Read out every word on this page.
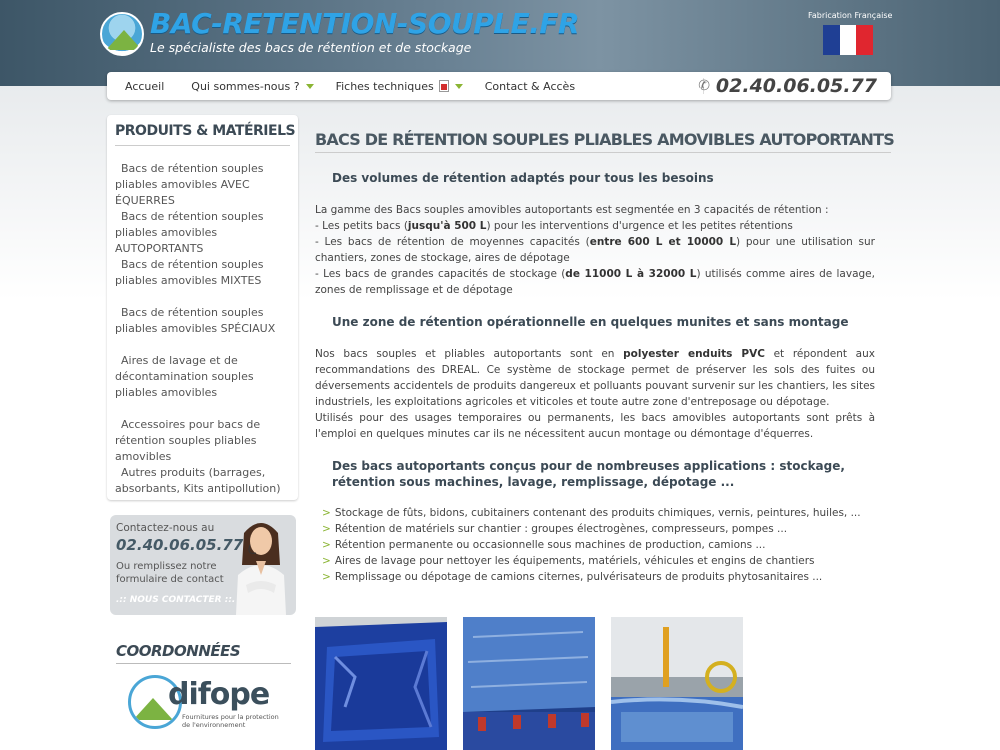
BAC-RETENTION-SOUPLE.FR
Le spécialiste des bacs de rétention et de stockage
Fabrication Française
Accueil Qui sommes-nous ?	Fiches techniques	Contact & Accès	✆ 02.40.06.05.77
PRODUITS & MATÉRIELS
Bacs de rétention souples pliables amovibles AVEC ÉQUERRES
Bacs de rétention souples pliables amovibles AUTOPORTANTS
Bacs de rétention souples pliables amovibles MIXTES
Bacs de rétention souples pliables amovibles SPÉCIAUX
Aires de lavage et de décontamination souples pliables amovibles
Accessoires pour bacs de rétention souples pliables amovibles
Autres produits (barrages, absorbants, Kits antipollution)
Contactez-nous au
02.40.06.05.77
Ou remplissez notre formulaire de contact
.:: NOUS CONTACTER ::.
COORDONNÉES
difope
Fournitures pour la protection de l'environnement
BACS DE RÉTENTION SOUPLES PLIABLES AMOVIBLES AUTOPORTANTS
Des volumes de rétention adaptés pour tous les besoins
La gamme des Bacs souples amovibles autoportants est segmentée en 3 capacités de rétention :
- Les petits bacs (jusqu'à 500 L) pour les interventions d'urgence et les petites rétentions
- Les bacs de rétention de moyennes capacités (entre 600 L et 10000 L) pour une utilisation sur chantiers, zones de stockage, aires de dépotage
- Les bacs de grandes capacités de stockage (de 11000 L à 32000 L) utilisés comme aires de lavage, zones de remplissage et de dépotage
Une zone de rétention opérationnelle en quelques munites et sans montage
Nos bacs souples et pliables autoportants sont en polyester enduits PVC et répondent aux recommandations des DREAL. Ce système de stockage permet de préserver les sols des fuites ou déversements accidentels de produits dangereux et polluants pouvant survenir sur les chantiers, les sites industriels, les exploitations agricoles et viticoles et toute autre zone d'entreposage ou dépotage.
Utilisés pour des usages temporaires ou permanents, les bacs amovibles autoportants sont prêts à l'emploi en quelques minutes car ils ne nécessitent aucun montage ou démontage d'équerres.
Des bacs autoportants conçus pour de nombreuses applications : stockage, rétention sous machines, lavage, remplissage, dépotage ...
> Stockage de fûts, bidons, cubitainers contenant des produits chimiques, vernis, peintures, huiles, ...
> Rétention de matériels sur chantier : groupes électrogènes, compresseurs, pompes ...
> Rétention permanente ou occasionnelle sous machines de production, camions ...
> Aires de lavage pour nettoyer les équipements, matériels, véhicules et engins de chantiers
> Remplissage ou dépotage de camions citernes, pulvérisateurs de produits phytosanitaires ...
